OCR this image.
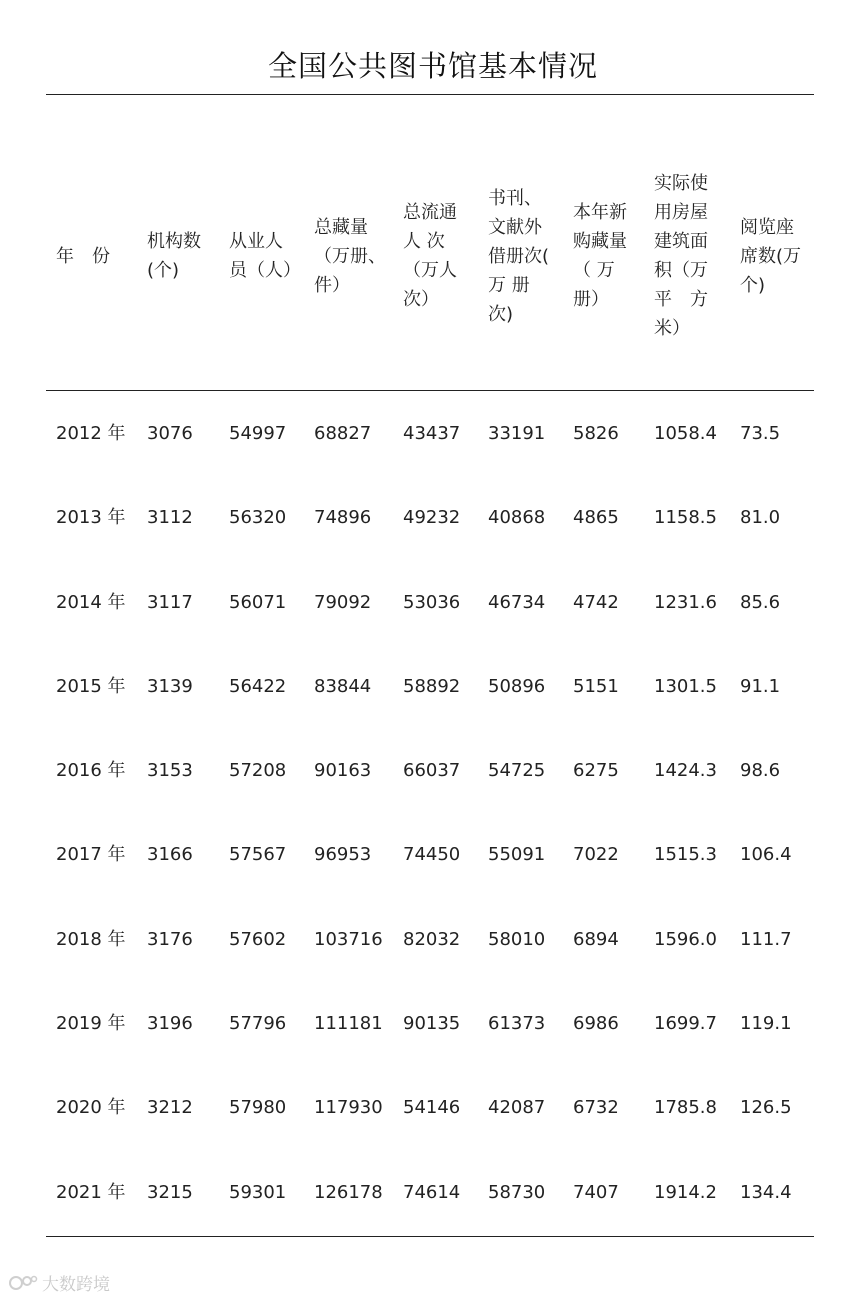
全国公共图书馆基本情况
年　份
机构数(个)
从业人员（人）
总藏量（万册、件）
总流通人 次（万人次）
书刊、文献外借册次( 万 册 次)
本年新购藏量（ 万册）
实际使用房屋建筑面积（万平　方米）
阅览座席数(万个)
2012 年 3076 54997 68827 43437 33191 5826 1058.4 73.5
2013 年 3112 56320 74896 49232 40868 4865 1158.5 81.0
2014 年 3117 56071 79092 53036 46734 4742 1231.6 85.6
2015 年 3139 56422 83844 58892 50896 5151 1301.5 91.1
2016 年 3153 57208 90163 66037 54725 6275 1424.3 98.6
2017 年 3166 57567 96953 74450 55091 7022 1515.3 106.4
2018 年 3176 57602 103716 82032 58010 6894 1596.0 111.7
2019 年 3196 57796 111181 90135 61373 6986 1699.7 119.1
2020 年 3212 57980 117930 54146 42087 6732 1785.8 126.5
2021 年 3215 59301 126178 74614 58730 7407 1914.2 134.4
大数跨境
